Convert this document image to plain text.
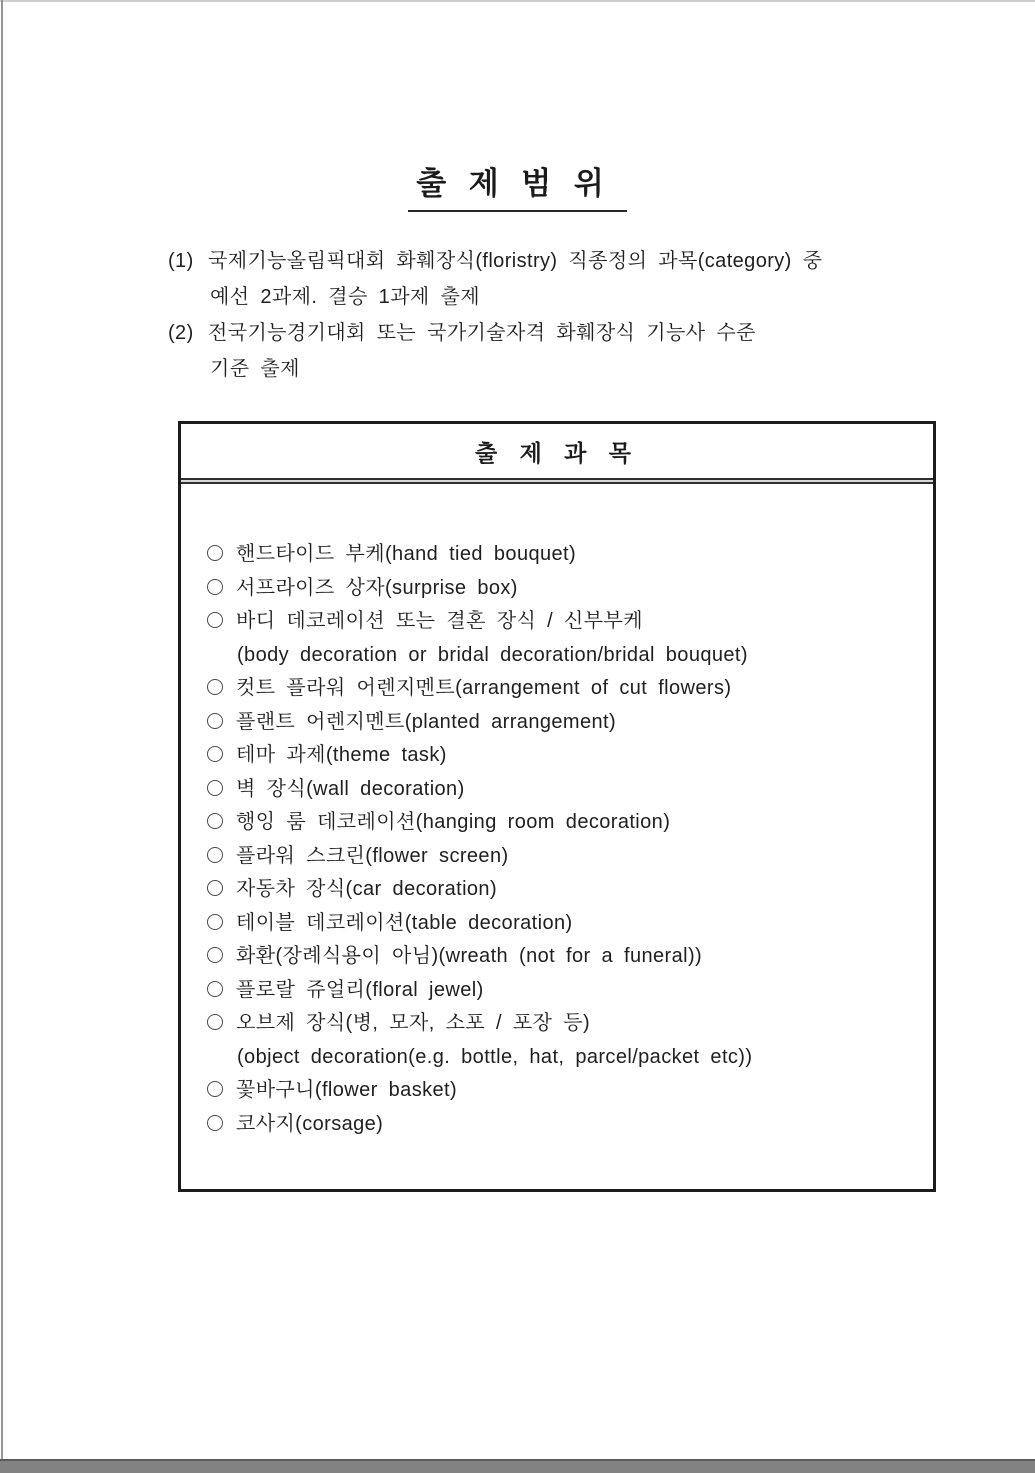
출 제 범 위
(1) 국제기능올림픽대회 화훼장식(floristry) 직종정의 과목(category) 중
예선 2과제. 결승 1과제 출제
(2) 전국기능경기대회 또는 국가기술자격 화훼장식 기능사 수준
기준 출제
출 제 과 목
핸드타이드 부케(hand tied bouquet)
서프라이즈 상자(surprise box)
바디 데코레이션 또는 결혼 장식 / 신부부케
(body decoration or bridal decoration/bridal bouquet)
컷트 플라워 어렌지멘트(arrangement of cut flowers)
플랜트 어렌지멘트(planted arrangement)
테마 과제(theme task)
벽 장식(wall decoration)
행잉 룸 데코레이션(hanging room decoration)
플라워 스크린(flower screen)
자동차 장식(car decoration)
테이블 데코레이션(table decoration)
화환(장례식용이 아님)(wreath (not for a funeral))
플로랄 쥬얼리(floral jewel)
오브제 장식(병, 모자, 소포 / 포장 등)
(object decoration(e.g. bottle, hat, parcel/packet etc))
꽃바구니(flower basket)
코사지(corsage)
